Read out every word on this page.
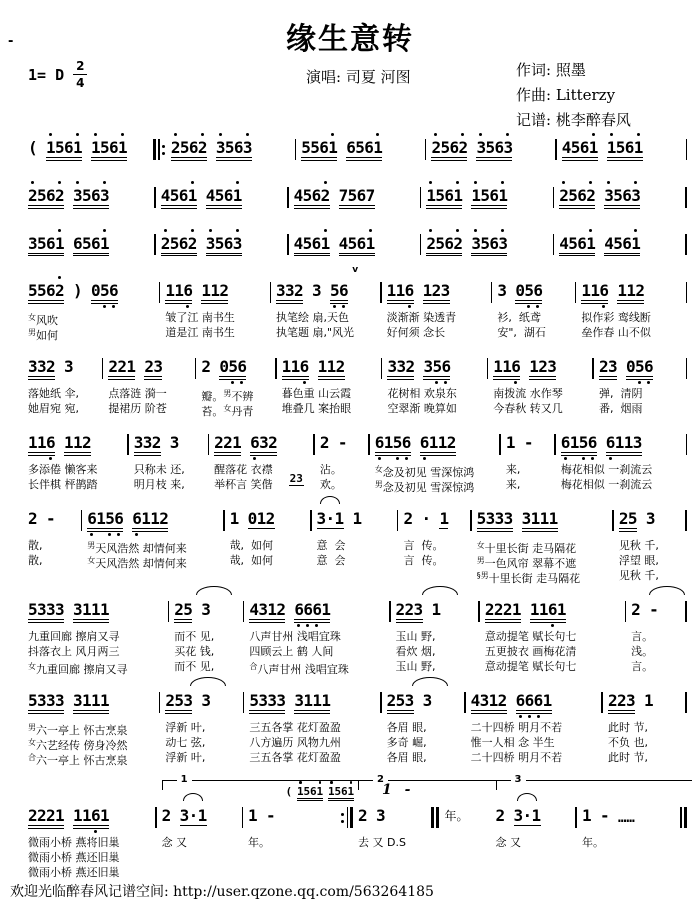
缘生意转
-
1= D $\frac{2}{4}$	演唱: 司夏 河图	作词: 照墨
作曲: Litterzy
记谱: 桃李醉春风
( 1 5 6 1 1 5 6 1	2 5 6 2 3 5 6 3	5 5 6 1 6 5 6 1	2 5 6 2 3 5 6 3	4 5 6 1 1 5 6 1
2 5 6 2 3 5 6 3	4 5 6 1 4 5 6 1	4 5 6 2 7 5 6 7	1 5 6 1 1 5 6 1	2 5 6 2 3 5 6 3
3 5 6 1 6 5 6 1	2 5 6 2 3 5 6 3	4 5 6 1 4 5 6 1	2 5 6 2 3 5 6 3	4 5 6 1 4 5 6 1
5 5 6 2 ) 0 5 6
$^女$风吹
$^男$如何
1 1 6 1 1 2
皱了江 南书生
道是江 南书生
3 3 2 3 5 6
v
执笔绘 扇,天色
执笔题 扇,"风光
1 1 6 1 2 3
淡渐渐 染透青
好何须 念长
3 0 5 6
衫,  纸鸢
安",  湖石
1 1 6 1 1 2
拟作彩 鸾线断
垒作春 山不似
3 3 2 3
落她纸 伞,
她眉宛 宛,
2 2 1 2 3
点落涟 漪一
提裙历 阶苍
2 0 5 6
瓣。$^男$不辨
苔。$^女$丹青
1 1 6 1 1 2
暮色重 山云霞
堆叠几 案抬眼
3 3 2 3 5 6
花树相 欢泉东
空翠渐 晚算如
1 1 6 1 2 3
南拨流 水作琴
今春秋 转又几
2 3 0 5 6
弹,  清阴
番,  烟雨
1 1 6 1 1 2
多添倦 懒客来
长伴棋 枰鹊踏
3 3 2 3
只称未 还,
明月枝 来,
2 2 1 6 3 2
醒落花 衣襟
举杯言 笑偕	23
2 -
沾。
欢。
6 1 5 6 6 1 1 2
$^女$念及初见 雪深惊鸿
$^男$念及初见 雪深惊鸿
1 -
来,
来,
6 1 5 6 6 1 1 3
梅花相似 一刹流云
梅花相似 一刹流云
2 -
散,
散,
6 1 5 6 6 1 1 2
$^男$天风浩然 却情何来
$^女$天风浩然 却情何来
1 0 1 2
哉,  如何
哉,  如何
3 · 1 1
意  会
意  会
2 · 1
言  传。
言  传。
5 3 3 3 3 1 1 1
$^女$十里长街 走马隔花
$^男$一色风帘 翠幕不遮
$^{\S 男}$十里长街 走马隔花
2 5 3
见秋 千,
浮望 眼,
见秋 千,
5 3 3 3 3 1 1 1
九重回廊 擦肩又寻
抖落衣上 风月两三
$^女$九重回廊 擦肩又寻
2 5 3
而不 见,
买花 钱,
而不 见,
4 3 1 2 6 6 6 1
八声甘州 浅唱宜珠
四顾云上 鹤 人间
$^合$八声甘州 浅唱宜珠
2 2 3 1
玉山 野,
看炊 烟,
玉山 野,
2 2 2 1 1 1 6 1
意动提笔 赋长句七
五更披衣 画梅花清
意动提笔 赋长句七
2 -
言。
浅。
言。
5 3 3 3 3 1 1 1
$^男$六一亭上 怀古烹泉
$^女$六艺经传 傍身冷然
$^合$六一亭上 怀古烹泉
2 5 3 3
浮新 叶,
动七 弦,
浮新 叶,
5 3 3 3 3 1 1 1
三五各掌 花灯盈盈
八方遍历 风物九州
三五各掌 花灯盈盈
2 5 3 3
各眉 眼,
多奇 崛,
各眉 眼,
4 3 1 2 6 6 6 1
二十四桥 明月不若
惟一人相 念 半生
二十四桥 明月不若
2 2 3 1
此时 节,
不负 也,
此时 节,
2 2 2 1 1 1 6 1
微雨小桥 燕将旧巢
微雨小桥 燕还旧巢
微雨小桥 燕还旧巢
1
2 3 · 1
念 又
( 1 5 6 1 1 5 6 1
1 -
年。
2
1 -
2 3
去 又 D.S
年。
3
2 3 · 1
念 又
1 - ……
年。
欢迎光临醉春风记谱空间: http://user.qzone.qq.com/563264185
